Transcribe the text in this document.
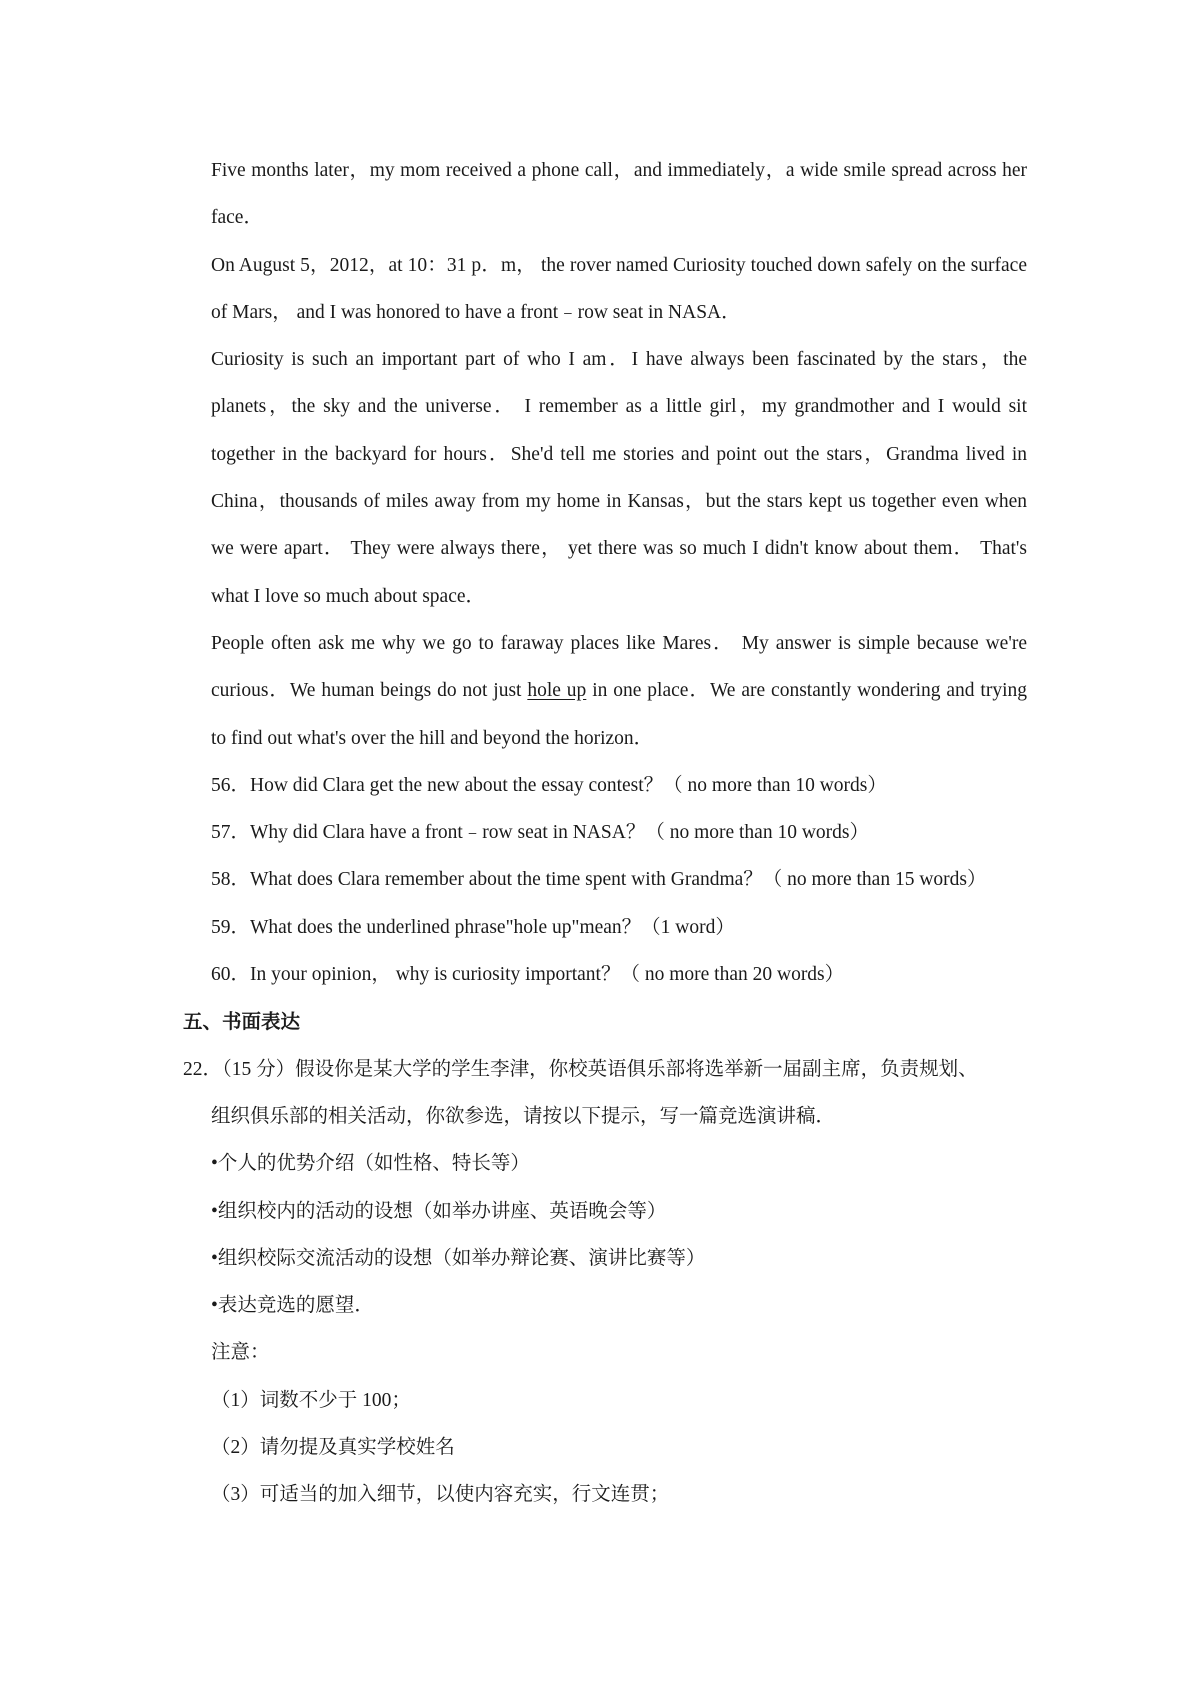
Five months later，my mom received a phone call，and immediately，a wide smile spread across her face．

On August 5，2012，at 10：31 p．m， the rover named Curiosity touched down safely on the surface of Mars， and I was honored to have a front﹣row seat in NASA．

Curiosity is such an important part of who I am．I have always been fascinated by the stars，the planets，the sky and the universe． I remember as a little girl，my grandmother and I would sit together in the backyard for hours．She'd tell me stories and point out the stars，Grandma lived in China，thousands of miles away from my home in Kansas，but the stars kept us together even when we were apart． They were always there， yet there was so much I didn't know about them． That's what I love so much about space．

People often ask me why we go to faraway places like Mares． My answer is simple because we're curious．We human beings do not just hole up in one place．We are constantly wondering and trying to find out what's over the hill and beyond the horizon．

56．How did Clara get the new about the essay contest？（ no more than 10 words）

57．Why did Clara have a front﹣row seat in NASA？（ no more than 10 words）

58．What does Clara remember about the time spent with Grandma？（ no more than 15 words）

59．What does the underlined phrase"hole up"mean？（1 word）

60．In your opinion， why is curiosity important？（ no more than 20 words）

五、书面表达

22．（15 分）假设你是某大学的学生李津，你校英语俱乐部将选举新一届副主席，负责规划、

组织俱乐部的相关活动，你欲参选，请按以下提示，写一篇竞选演讲稿．

•个人的优势介绍（如性格、特长等）

•组织校内的活动的设想（如举办讲座、英语晚会等）

•组织校际交流活动的设想（如举办辩论赛、演讲比赛等）

•表达竞选的愿望．

注意：

（1）词数不少于 100；

（2）请勿提及真实学校姓名

（3）可适当的加入细节，以使内容充实，行文连贯；
